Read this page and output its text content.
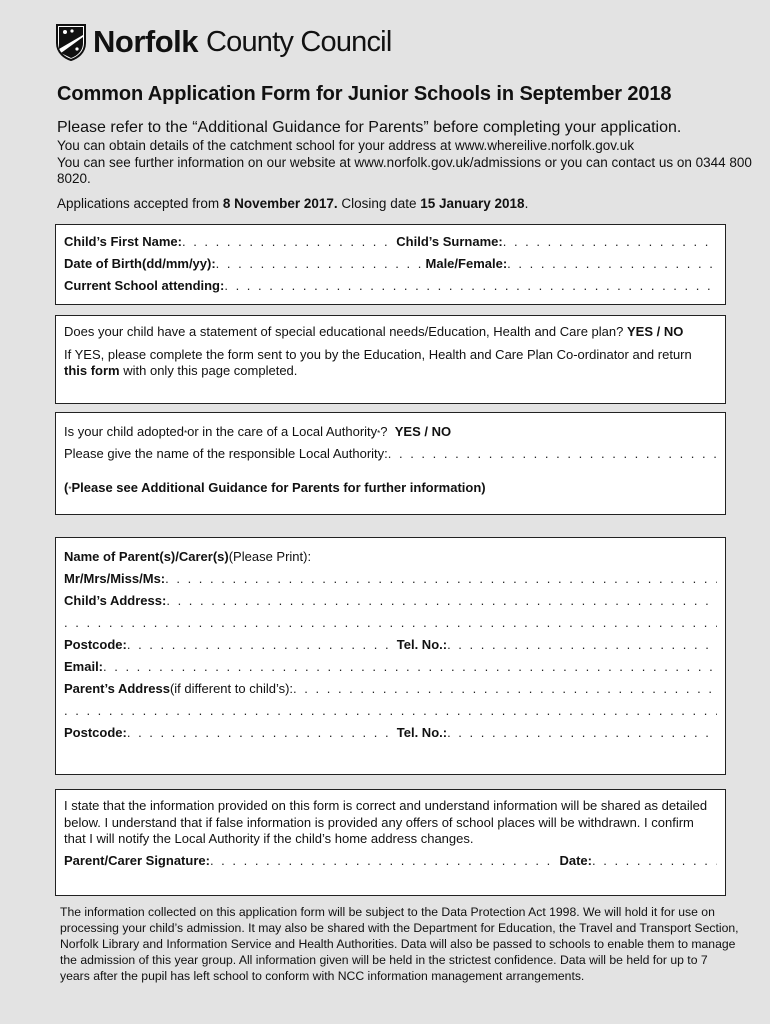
Norfolk County Council
Common Application Form for Junior Schools in September 2018
Please refer to the “Additional Guidance for Parents” before completing your application.
You can obtain details of the catchment school for your address at www.whereilive.norfolk.gov.uk
You can see further information on our website at www.norfolk.gov.uk/admissions or you can contact us on 0344 800 8020.
Applications accepted from 8 November 2017. Closing date 15 January 2018.
Child’s First Name: . . .	Child’s Surname:
. . .
Date of Birth (dd/mm/yy): . . .	Male/Female:
. . .
Current School attending:
. . .
Does your child have a statement of special educational needs/Education, Health and Care plan? YES / NO
If YES, please complete the form sent to you by the Education, Health and Care Plan Co-ordinator and return this form with only this page completed.
Is your child adopted * or in the care of a Local Authority * ?
YES / NO
Please give the name of the responsible Local Authority:
. . .
( * Please see Additional Guidance for Parents for further information)
Name of Parent(s)/Carer(s) (Please Print):
Mr/Mrs/Miss/Ms:
. . .
Child’s Address:
. . .
. . .
Postcode: . . .	Tel. No.:
. . .
Email:
. . .
Parent’s Address (if different to child’s):
. . .
. . .
Postcode: . . .	Tel. No.:
. . .
I state that the information provided on this form is correct and understand information will be shared as detailed below. I understand that if false information is provided any offers of school places will be withdrawn. I confirm that I will notify the Local Authority if the child’s home address changes.
Parent/Carer Signature: . . .	Date:
. . .
The information collected on this application form will be subject to the Data Protection Act 1998. We will hold it for use on processing your child’s admission. It may also be shared with the Department for Education, the Travel and Transport Section, Norfolk Library and Information Service and Health Authorities. Data will also be passed to schools to enable them to manage the admission of this year group. All information given will be held in the strictest confidence. Data will be held for up to 7 years after the pupil has left school to conform with NCC information management arrangements.
